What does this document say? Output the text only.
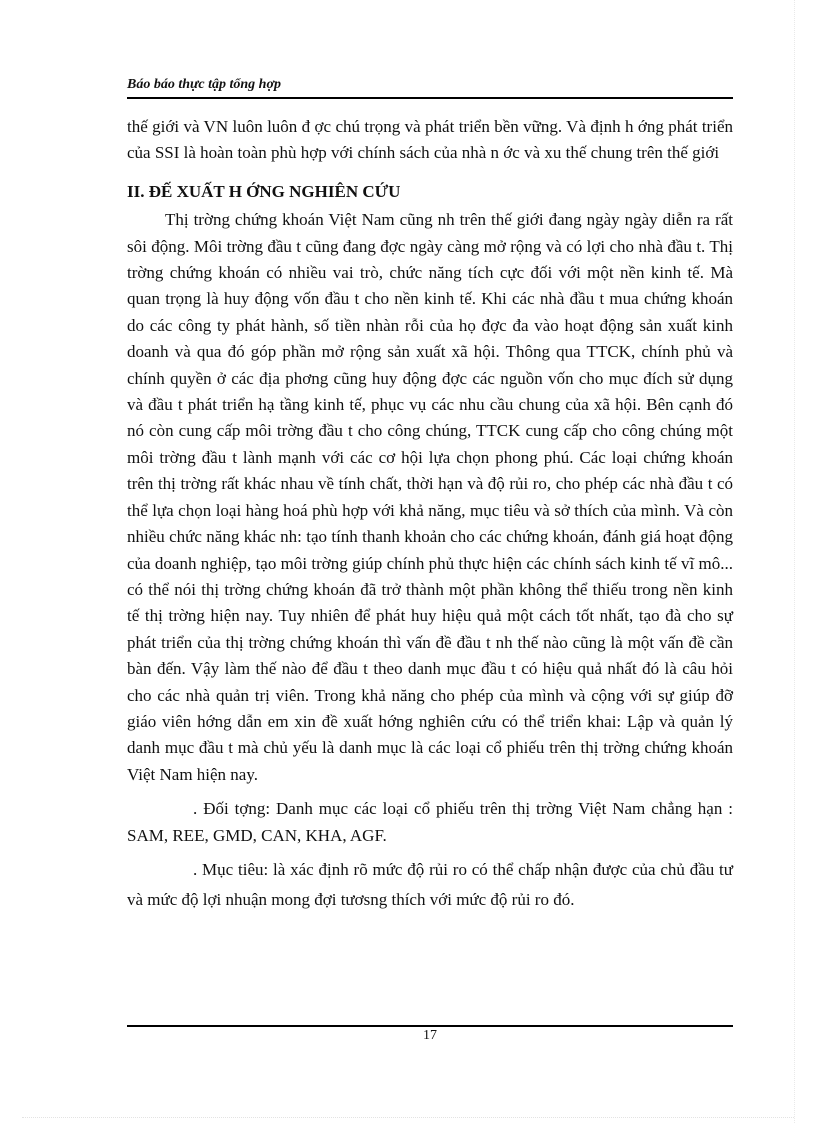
Báo báo thực tập tổng hợp

thế giới và VN luôn luôn đ ợc chú trọng và phát triển bền vững. Và định h ớng phát triển của SSI là hoàn toàn phù hợp với chính sách của nhà n ớc và xu thế chung trên thế giới

II. ĐẾ XUẤT H ỚNG NGHIÊN CỨU

Thị trờng chứng khoán Việt Nam cũng nh trên thế giới đang ngày ngày diễn ra rất sôi động. Môi trờng đầu t cũng đang đợc ngày càng mở rộng và có lợi cho nhà đầu t. Thị trờng chứng khoán có nhiều vai trò, chức năng tích cực đối với một nền kinh tế. Mà quan trọng là huy động vốn đầu t cho nền kinh tế. Khi các nhà đầu t mua chứng khoán do các công ty phát hành, số tiền nhàn rỗi của họ đợc đa vào hoạt động sản xuất kinh doanh và qua đó góp phần mở rộng sản xuất xã hội. Thông qua TTCK, chính phủ và chính quyền ở các địa phơng cũng huy động đợc các nguồn vốn cho mục đích sử dụng và đầu t phát triển hạ tầng kinh tế, phục vụ các nhu cầu chung của xã hội. Bên cạnh đó nó còn cung cấp môi trờng đầu t cho công chúng, TTCK cung cấp cho công chúng một môi trờng đầu t lành mạnh với các cơ hội lựa chọn phong phú. Các loại chứng khoán trên thị trờng rất khác nhau về tính chất, thời hạn và độ rủi ro, cho phép các nhà đầu t có thể lựa chọn loại hàng hoá phù hợp với khả năng, mục tiêu và sở thích của mình. Và còn nhiều chức năng khác nh: tạo tính thanh khoản cho các chứng khoán, đánh giá hoạt động của doanh nghiệp, tạo môi trờng giúp chính phủ thực hiện các chính sách kinh tế vĩ mô... có thể nói thị trờng chứng khoán đã trở thành một phần không thể thiếu trong nền kinh tế thị trờng hiện nay. Tuy nhiên để phát huy hiệu quả một cách tốt nhất, tạo đà cho sự phát triển của thị trờng chứng khoán thì vấn đề đầu t nh thế nào cũng là một vấn đề cần bàn đến. Vậy làm thế nào để đầu t theo danh mục đầu t có hiệu quả nhất đó là câu hỏi cho các nhà quản trị viên. Trong khả năng cho phép của mình và cộng với sự giúp đỡ giáo viên hớng dẫn em xin đề xuất hớng nghiên cứu có thể triển khai: Lập và quản lý danh mục đầu t mà chủ yếu là danh mục là các loại cổ phiếu trên thị trờng chứng khoán Việt Nam hiện nay.

. Đối tợng: Danh mục các loại cổ phiếu trên thị trờng Việt Nam chẳng hạn : SAM, REE, GMD, CAN, KHA, AGF.

. Mục tiêu: là xác định rõ mức độ rủi ro có thể chấp nhận được của chủ đầu tư và mức độ lợi nhuận mong đợi tươsng thích với mức độ rủi ro đó.

17
